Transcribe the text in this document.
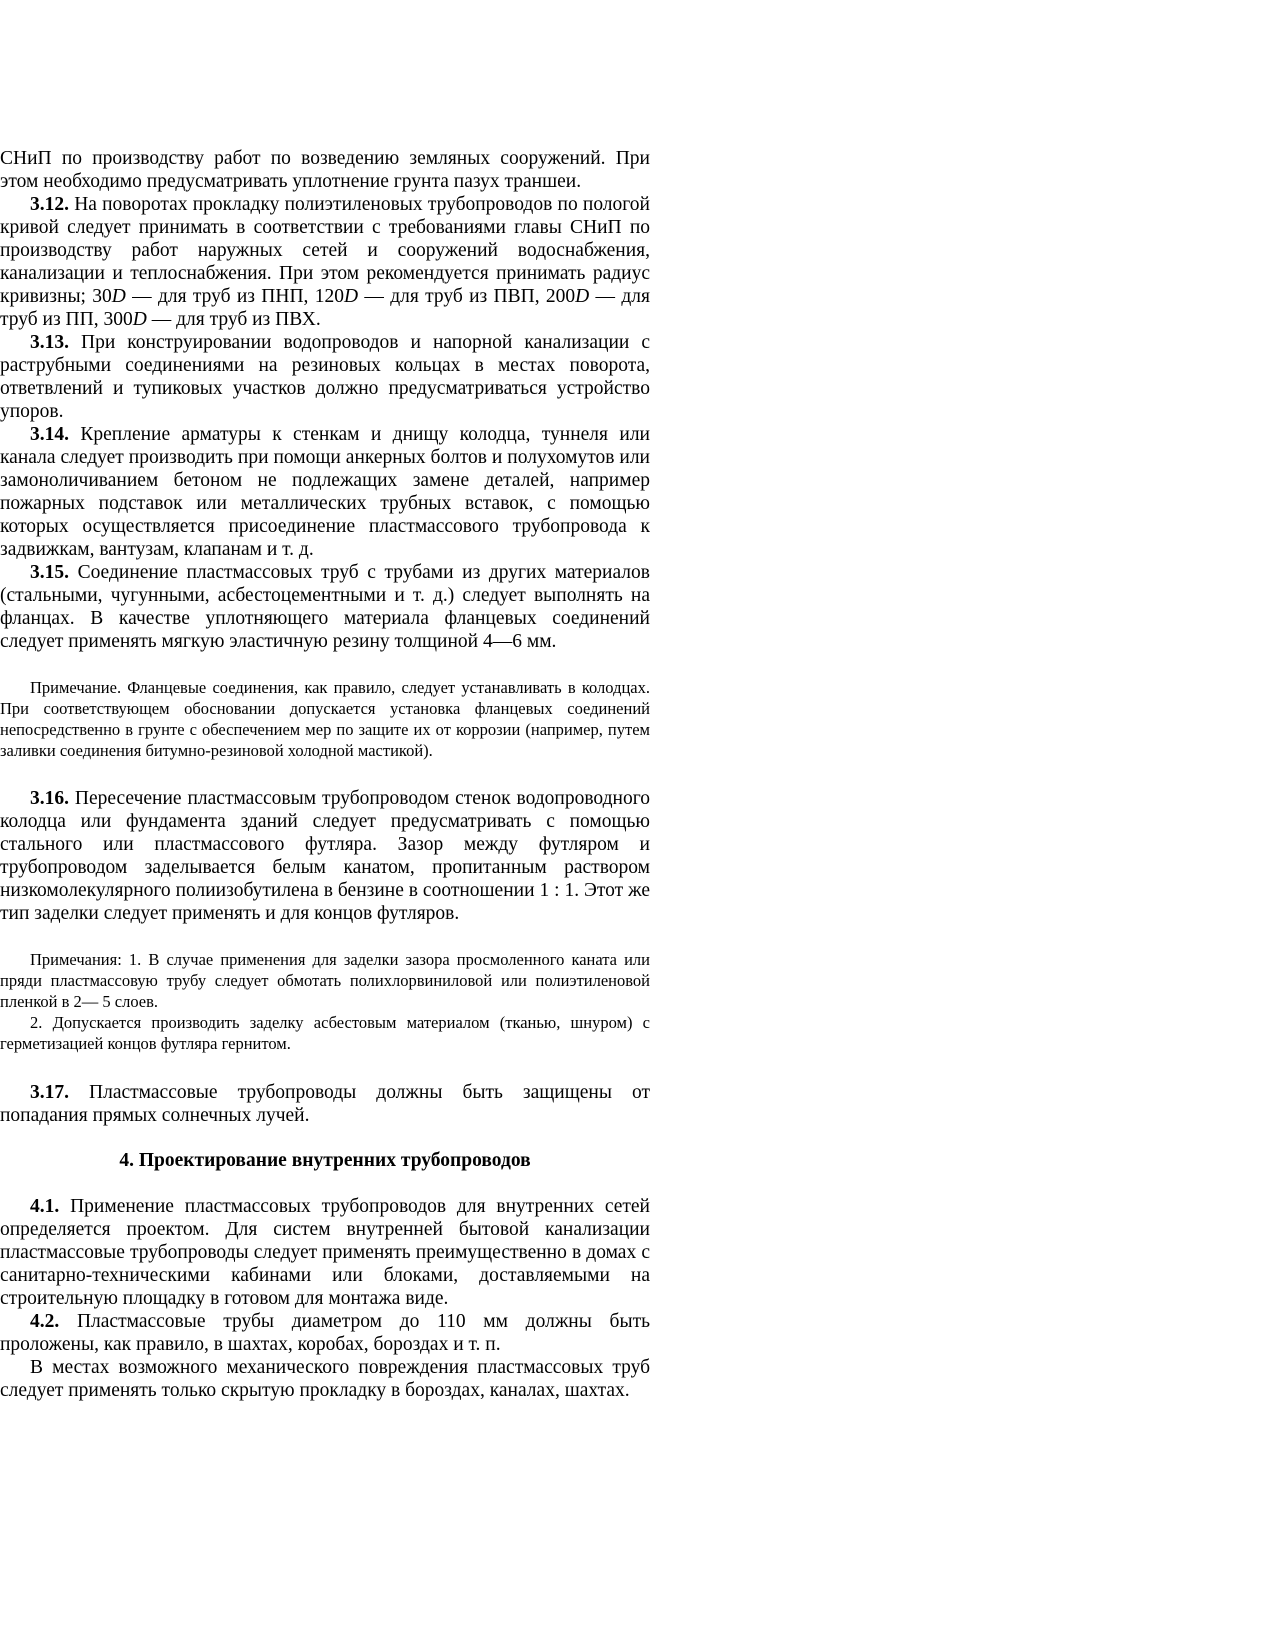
СНиП по производству работ по возведению земляных сооружений. При этом необходимо предусматривать уплотнение грунта пазух траншеи.

3.12. На поворотах прокладку полиэтиленовых трубопроводов по пологой кривой следует принимать в соответствии с требованиями главы СНиП по производству работ наружных сетей и сооружений водоснабжения, канализации и теплоснабжения. При этом рекомендуется принимать радиус кривизны; 30D — для труб из ПНП, 120D — для труб из ПВП, 200D — для труб из ПП, 300D — для труб из ПВХ.

3.13. При конструировании водопроводов и напорной канализации с раструбными соединениями на резиновых кольцах в местах поворота, ответвлений и тупиковых участков должно предусматриваться устройство упоров.

3.14. Крепление арматуры к стенкам и днищу колодца, туннеля или канала следует производить при помощи анкерных болтов и полухомутов или замоноличиванием бетоном не подлежащих замене деталей, например пожарных подставок или металлических трубных вставок, с помощью которых осуществляется присоединение пластмассового трубопровода к задвижкам, вантузам, клапанам и т. д.

3.15. Соединение пластмассовых труб с трубами из других материалов (стальными, чугунными, асбестоцементными и т. д.) следует выполнять на фланцах. В качестве уплотняющего материала фланцевых соединений следует применять мягкую эластичную резину толщиной 4—6 мм.

Примечание. Фланцевые соединения, как правило, следует устанавливать в колодцах. При соответствующем обосновании допускается установка фланцевых соединений непосредственно в грунте с обеспечением мер по защите их от коррозии (например, путем заливки соединения битумно-резиновой холодной мастикой).

3.16. Пересечение пластмассовым трубопроводом стенок водопроводного колодца или фундамента зданий следует предусматривать с помощью стального или пластмассового футляра. Зазор между футляром и трубопроводом заделывается белым канатом, пропитанным раствором низкомолекулярного полиизобутилена в бензине в соотношении 1 : 1. Этот же тип заделки следует применять и для концов футляров.

Примечания: 1. В случае применения для заделки зазора просмоленного каната или пряди пластмассовую трубу следует обмотать полихлорвиниловой или полиэтиленовой пленкой в 2— 5 слоев.

2. Допускается производить заделку асбестовым материалом (тканью, шнуром) с герметизацией концов футляра гернитом.

3.17. Пластмассовые трубопроводы должны быть защищены от попадания прямых солнечных лучей.

4. Проектирование внутренних трубопроводов

4.1. Применение пластмассовых трубопроводов для внутренних сетей определяется проектом. Для систем внутренней бытовой канализации пластмассовые трубопроводы следует применять преимущественно в домах с санитарно-техническими кабинами или блоками, доставляемыми на строительную площадку в готовом для монтажа виде.

4.2. Пластмассовые трубы диаметром до 110 мм должны быть проложены, как правило, в шахтах, коробах, бороздах и т. п.

В местах возможного механического повреждения пластмассовых труб следует применять только скрытую прокладку в бороздах, каналах, шахтах.
